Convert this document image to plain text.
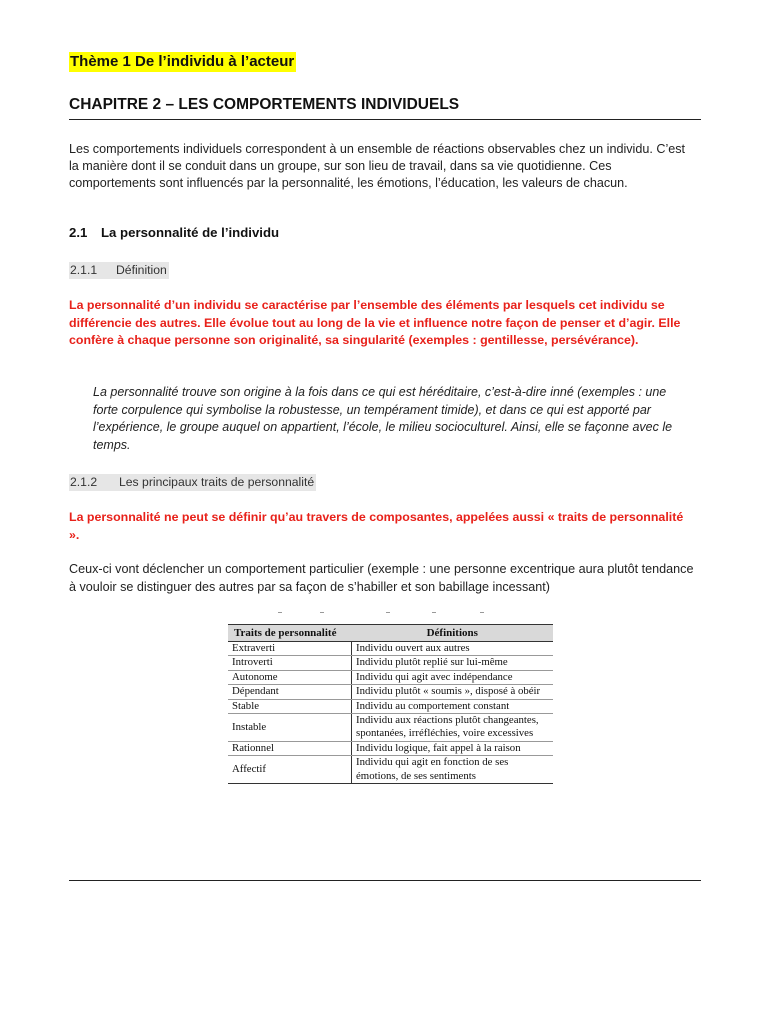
Thème 1 De l’individu à l’acteur
CHAPITRE 2 – LES COMPORTEMENTS INDIVIDUELS

Les comportements individuels correspondent à un ensemble de réactions observables chez un individu. C’est la manière dont il se conduit dans un groupe, sur son lieu de travail, dans sa vie quotidienne. Ces comportements sont influencés par la personnalité, les émotions, l’éducation, les valeurs de chacun.

2.1 La personnalité de l’individu
2.1.1 Définition

La personnalité d’un individu se caractérise par l’ensemble des éléments par lesquels cet individu se différencie des autres. Elle évolue tout au long de la vie et influence notre façon de penser et d’agir. Elle confère à chaque personne son originalité, sa singularité (exemples : gentillesse, persévérance).

La personnalité trouve son origine à la fois dans ce qui est héréditaire, c’est-à-dire inné (exemples : une forte corpulence qui symbolise la robustesse, un tempérament timide), et dans ce qui est apporté par l’expérience, le groupe auquel on appartient, l’école, le milieu socioculturel. Ainsi, elle se façonne avec le temps.

2.1.2 Les principaux traits de personnalité

La personnalité ne peut se définir qu’au travers de composantes, appelées aussi « traits de personnalité ».

Ceux-ci vont déclencher un comportement particulier (exemple : une personne excentrique aura plutôt tendance à vouloir se distinguer des autres par sa façon de s’habiller et son babillage incessant)

Traits de personnalité	Définitions
Extraverti	Individu ouvert aux autres
Introverti	Individu plutôt replié sur lui-même
Autonome	Individu qui agit avec indépendance
Dépendant	Individu plutôt « soumis », disposé à obéir
Stable	Individu au comportement constant
Instable	Individu aux réactions plutôt changeantes, spontanées, irréfléchies, voire excessives
Rationnel	Individu logique, fait appel à la raison
Affectif	Individu qui agit en fonction de ses émotions, de ses sentiments
